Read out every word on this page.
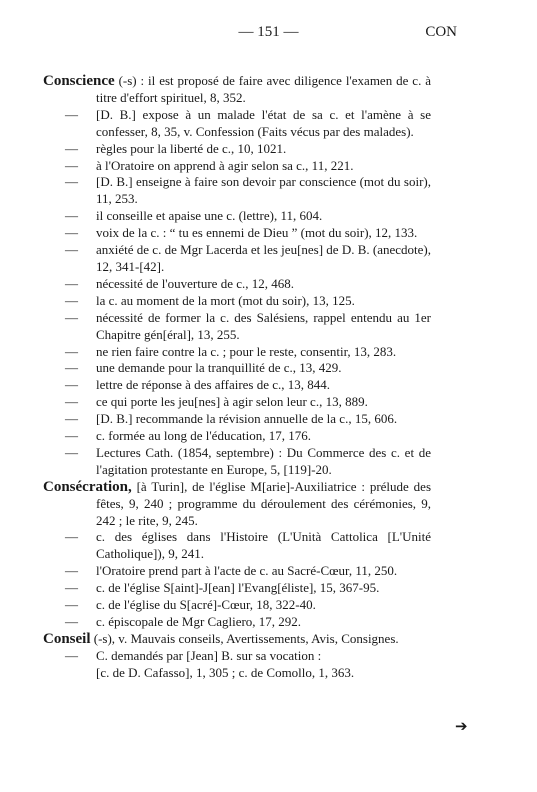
— 151 —	CON
Conscience (-s) : il est proposé de faire avec diligence l'examen de c. à titre d'effort spirituel, 8, 352.
— [D. B.] expose à un malade l'état de sa c. et l'amène à se confesser, 8, 35, v. Confession (Faits vécus par des malades).
— règles pour la liberté de c., 10, 1021.
— à l'Oratoire on apprend à agir selon sa c., 11, 221.
— [D. B.] enseigne à faire son devoir par conscience (mot du soir), 11, 253.
— il conseille et apaise une c. (lettre), 11, 604.
— voix de la c. : “ tu es ennemi de Dieu ” (mot du soir), 12, 133.
— anxiété de c. de Mgr Lacerda et les jeu[nes] de D. B. (anecdote), 12, 341-[42].
— nécessité de l'ouverture de c., 12, 468.
— la c. au moment de la mort (mot du soir), 13, 125.
— nécessité de former la c. des Salésiens, rappel entendu au 1er Chapitre gén[éral], 13, 255.
— ne rien faire contre la c. ; pour le reste, consentir, 13, 283.
— une demande pour la tranquillité de c., 13, 429.
— lettre de réponse à des affaires de c., 13, 844.
— ce qui porte les jeu[nes] à agir selon leur c., 13, 889.
— [D. B.] recommande la révision annuelle de la c., 15, 606.
— c. formée au long de l'éducation, 17, 176.
— Lectures Cath. (1854, septembre) : Du Commerce des c. et de l'agitation protestante en Europe, 5, [119]-20.
Consécration, [à Turin], de l'église M[arie]-Auxiliatrice : prélude des fêtes, 9, 240 ; programme du déroulement des cérémonies, 9, 242 ; le rite, 9, 245.
— c. des églises dans l'Histoire (L'Unità Cattolica [L'Unité Catholique]), 9, 241.
— l'Oratoire prend part à l'acte de c. au Sacré-Cœur, 11, 250.
— c. de l'église S[aint]-J[ean] l'Evang[éliste], 15, 367-95.
— c. de l'église du S[acré]-Cœur, 18, 322-40.
— c. épiscopale de Mgr Cagliero, 17, 292.
Conseil (-s), v. Mauvais conseils, Avertissements, Avis, Consignes.
— C. demandés par [Jean] B. sur sa vocation :
[c. de D. Cafasso], 1, 305 ; c. de Comollo, 1, 363.
➔
